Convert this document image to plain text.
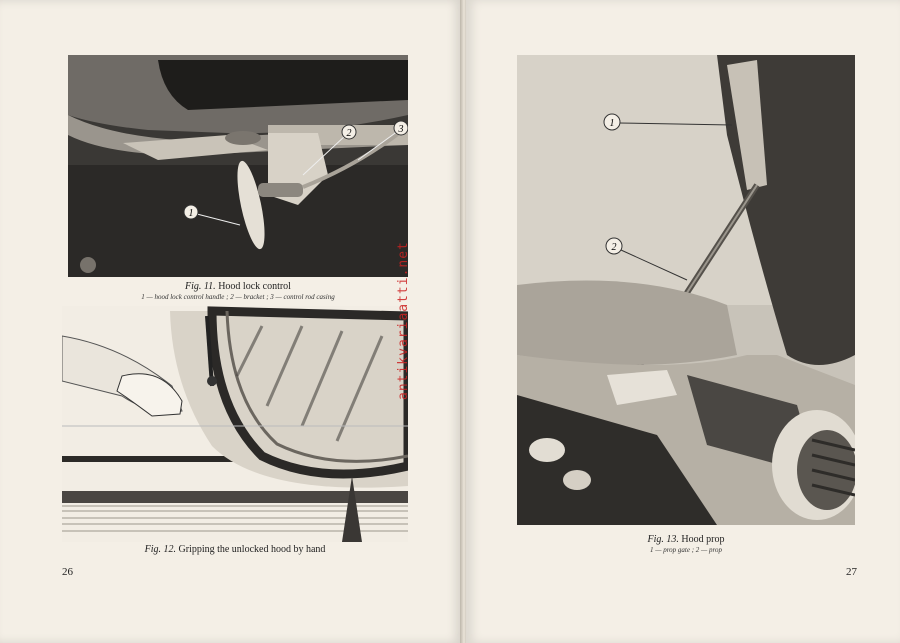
1
2	3
Fig. 11. Hood lock control
1 — hood lock control handle ; 2 — bracket ; 3 — control rod casing
Fig. 12. Gripping the unlocked hood by hand
26
antikvariaatti.net
1
2
Fig. 13. Hood prop
1 — prop gate ; 2 — prop
27
